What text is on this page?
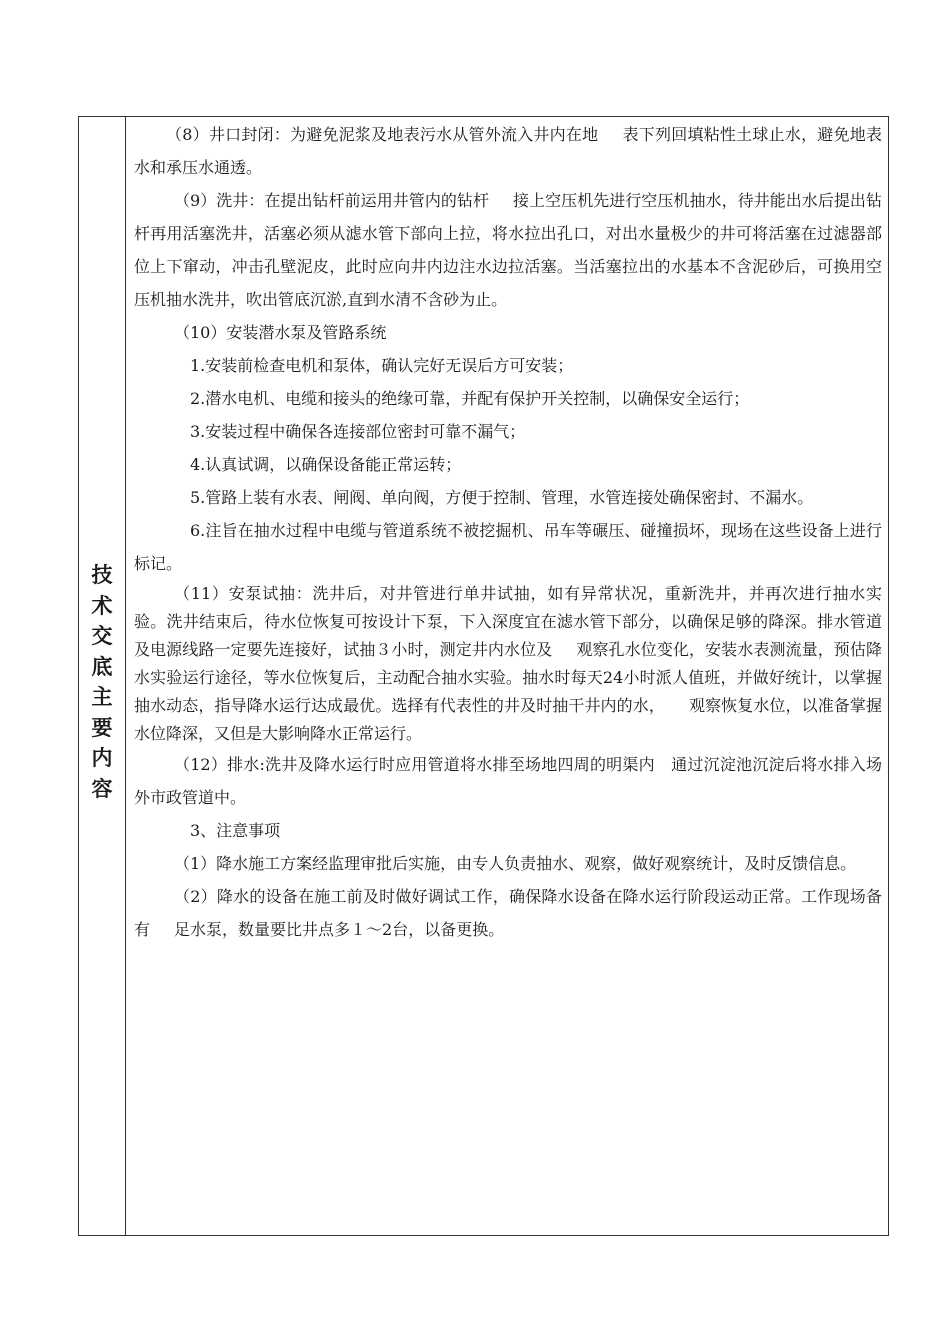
技
术
交
底
主
要
内
容

（8）井口封闭：为避免泥浆及地表污水从管外流入井内在地 表下列回填粘性土球止水，避免地表水和承压水通透。

（9）洗井：在提出钻杆前运用井管内的钻杆 接上空压机先进行空压机抽水，待井能出水后提出钻杆再用活塞洗井，活塞必须从滤水管下部向上拉，将水拉出孔口，对出水量极少的井可将活塞在过滤器部位上下窜动，冲击孔壁泥皮，此时应向井内边注水边拉活塞。当活塞拉出的水基本不含泥砂后，可换用空压机抽水洗井，吹出管底沉淤,直到水清不含砂为止。

（10）安装潜水泵及管路系统

1.安装前检查电机和泵体，确认完好无误后方可安装；

2.潜水电机、电缆和接头的绝缘可靠，并配有保护开关控制，以确保安全运行；

3.安装过程中确保各连接部位密封可靠不漏气；

4.认真试调，以确保设备能正常运转；

5.管路上装有水表、闸阀、单向阀，方便于控制、管理，水管连接处确保密封、不漏水。

6.注旨在抽水过程中电缆与管道系统不被挖掘机、吊车等碾压、碰撞损坏，现场在这些设备上进行标记。

（11）安泵试抽：洗井后，对井管进行单井试抽，如有异常状况，重新洗井，并再次进行抽水实验。洗井结束后，待水位恢复可按设计下泵，下入深度宜在滤水管下部分，以确保足够的降深。排水管道及电源线路一定要先连接好，试抽３小时，测定井内水位及 观察孔水位变化，安装水表测流量，预估降水实验运行途径，等水位恢复后，主动配合抽水实验。抽水时每天24小时派人值班，并做好统计，以掌握抽水动态，指导降水运行达成最优。选择有代表性的井及时抽干井内的水， 观察恢复水位，以准备掌握水位降深，又但是大影响降水正常运行。

（12）排水:洗井及降水运行时应用管道将水排至场地四周的明渠内　通过沉淀池沉淀后将水排入场外市政管道中。

3、注意事项

（1）降水施工方案经监理审批后实施，由专人负责抽水、观察，做好观察统计，及时反馈信息。

（2）降水的设备在施工前及时做好调试工作，确保降水设备在降水运行阶段运动正常。工作现场备有 足水泵，数量要比井点多１～2台，以备更换。
